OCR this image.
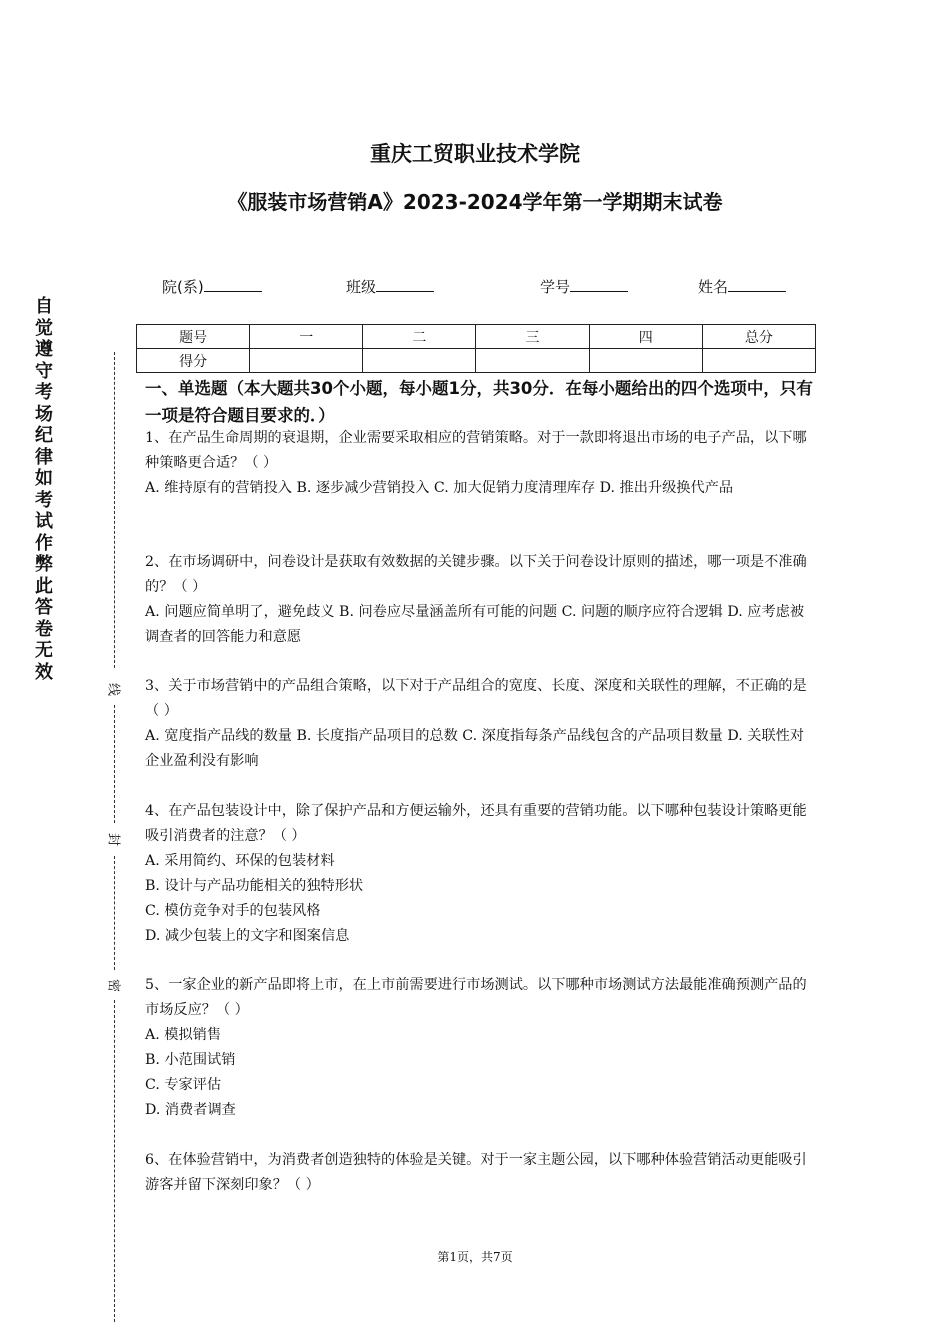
重庆工贸职业技术学院
《服装市场营销A》2023-2024学年第一学期期末试卷
院(系)	班级	学号	姓名
题号	一	二	三	四	总分
得分					
自觉遵守考场纪律如考试作弊此答卷无效
线
封
密
一、单选题（本大题共30个小题，每小题1分，共30分．在每小题给出的四个选项中，只有一项是符合题目要求的．）

1、在产品生命周期的衰退期，企业需要采取相应的营销策略。对于一款即将退出市场的电子产品，以下哪种策略更合适？（ ）

A. 维持原有的营销投入 B. 逐步减少营销投入 C. 加大促销力度清理库存 D. 推出升级换代产品

2、在市场调研中，问卷设计是获取有效数据的关键步骤。以下关于问卷设计原则的描述，哪一项是不准确的？（ ）

A. 问题应简单明了，避免歧义 B. 问卷应尽量涵盖所有可能的问题 C. 问题的顺序应符合逻辑 D. 应考虑被调查者的回答能力和意愿

3、关于市场营销中的产品组合策略，以下对于产品组合的宽度、长度、深度和关联性的理解，不正确的是（ ）

A. 宽度指产品线的数量 B. 长度指产品项目的总数 C. 深度指每条产品线包含的产品项目数量 D. 关联性对企业盈利没有影响

4、在产品包装设计中，除了保护产品和方便运输外，还具有重要的营销功能。以下哪种包装设计策略更能吸引消费者的注意？（ ）

A. 采用简约、环保的包装材料

B. 设计与产品功能相关的独特形状

C. 模仿竞争对手的包装风格

D. 减少包装上的文字和图案信息

5、一家企业的新产品即将上市，在上市前需要进行市场测试。以下哪种市场测试方法最能准确预测产品的市场反应？（ ）

A. 模拟销售

B. 小范围试销

C. 专家评估

D. 消费者调查

6、在体验营销中，为消费者创造独特的体验是关键。对于一家主题公园，以下哪种体验营销活动更能吸引游客并留下深刻印象？（ ）

第1页，共7页
